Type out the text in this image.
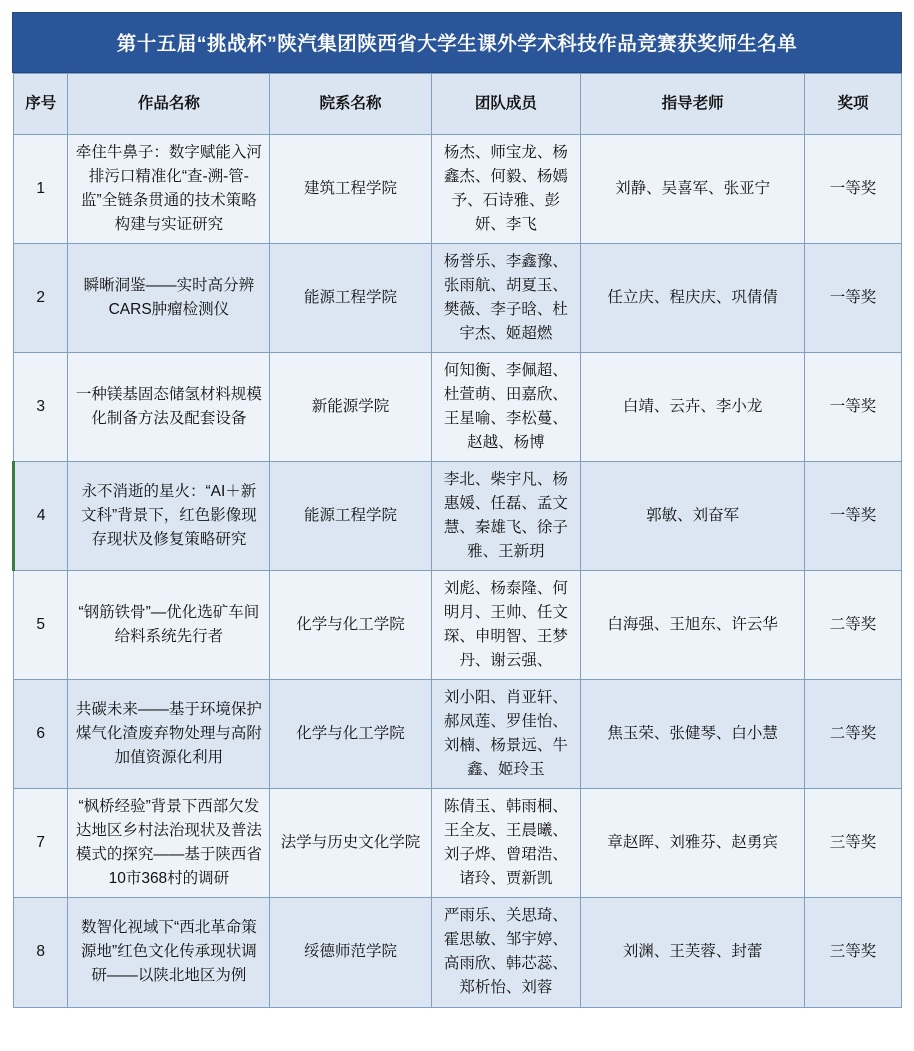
第十五届“挑战杯”陕汽集团陕西省大学生课外学术科技作品竞赛获奖师生名单
序号	作品名称	院系名称	团队成员	指导老师	奖项
1	牵住牛鼻子：数字赋能入河排污口精准化“查-溯-管-监”全链条贯通的技术策略构建与实证研究	建筑工程学院	杨杰、师宝龙、杨鑫杰、何毅、杨嫣予、石诗雅、彭妍、李飞	刘静、吴喜军、张亚宁	一等奖
2	瞬晰洞鉴——实时高分辨CARS肿瘤检测仪	能源工程学院	杨誉乐、李鑫豫、张雨航、胡夏玉、樊薇、李子晗、杜宇杰、姬超燃	任立庆、程庆庆、巩倩倩	一等奖
3	一种镁基固态储氢材料规模化制备方法及配套设备	新能源学院	何知衡、李佩超、杜萱萌、田嘉欣、王星喻、李松蔓、赵越、杨博	白靖、云卉、李小龙	一等奖
4	永不消逝的星火：“AI＋新文科”背景下，红色影像现存现状及修复策略研究	能源工程学院	李北、柴宇凡、杨惠媛、任磊、孟文慧、秦雄飞、徐子雅、王新玥	郭敏、刘奋军	一等奖
5	“钢筋铁骨”—优化选矿车间给料系统先行者	化学与化工学院	刘彪、杨泰隆、何明月、王帅、任文琛、申明智、王梦丹、谢云强、	白海强、王旭东、许云华	二等奖
6	共碳未来——基于环境保护煤气化渣废弃物处理与高附加值资源化利用	化学与化工学院	刘小阳、肖亚轩、郝凤莲、罗佳怡、刘楠、杨景远、牛鑫、姬玲玉	焦玉荣、张健琴、白小慧	二等奖
7	“枫桥经验”背景下西部欠发达地区乡村法治现状及普法模式的探究——基于陕西省10市368村的调研	法学与历史文化学院	陈倩玉、韩雨桐、王全友、王晨曦、刘子烨、曾珺浩、诸玲、贾新凯	章赵晖、刘雅芬、赵勇宾	三等奖
8	数智化视域下“西北革命策源地”红色文化传承现状调研——以陕北地区为例	绥德师范学院	严雨乐、关思琦、霍思敏、邹宇婷、高雨欣、韩芯蕊、郑析怡、刘蓉	刘渊、王芙蓉、封蕾	三等奖
